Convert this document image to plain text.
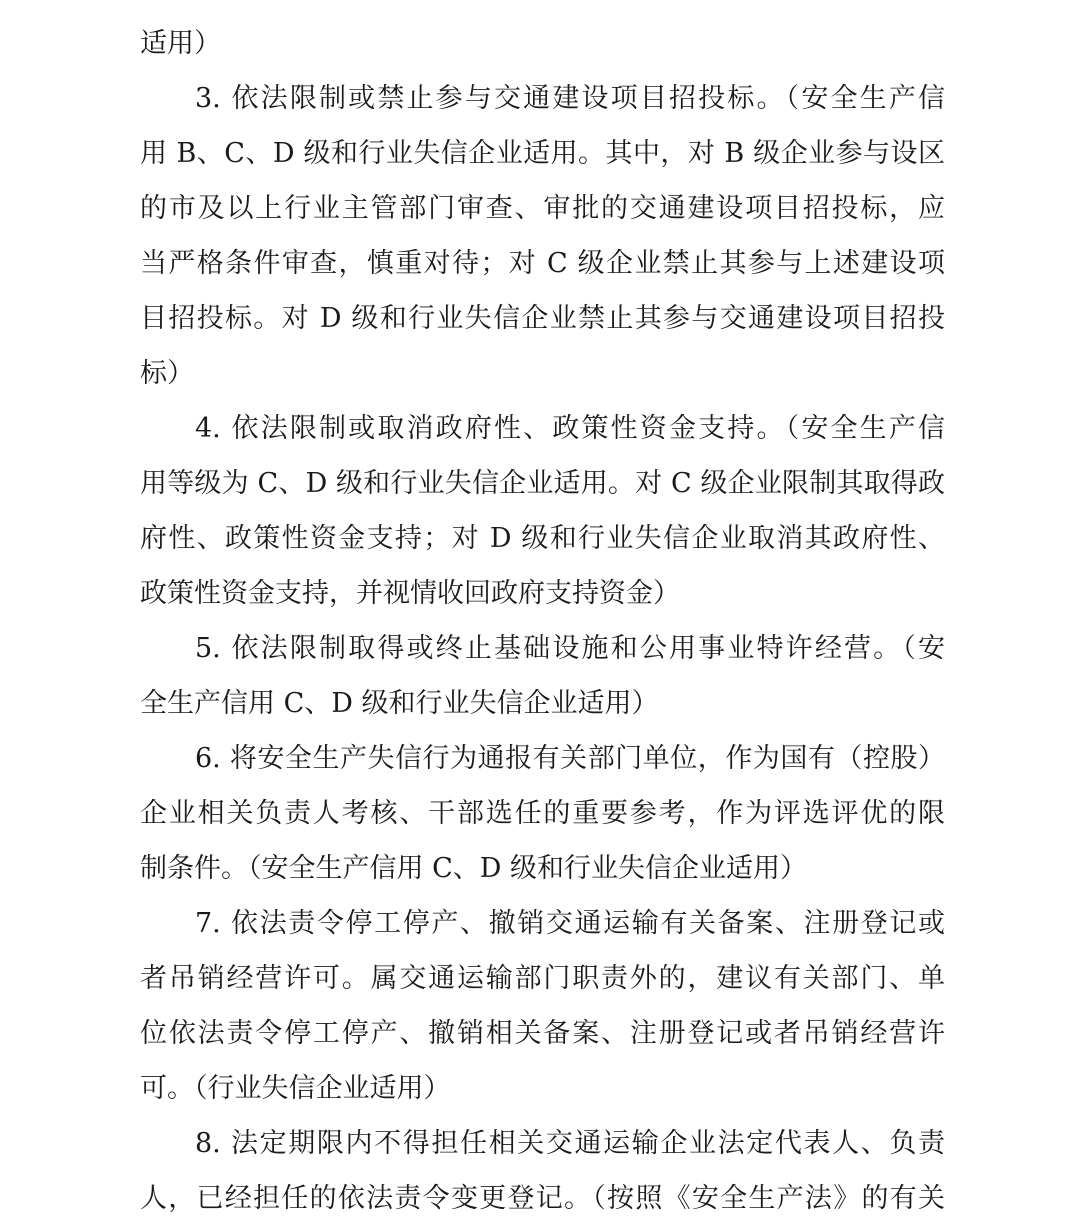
适用）
3. 依法限制或禁止参与交通建设项目招投标。（安全生产信
用 B、C、D 级和行业失信企业适用。其中，对 B 级企业参与设区
的市及以上行业主管部门审查、审批的交通建设项目招投标，应
当严格条件审查，慎重对待；对 C 级企业禁止其参与上述建设项
目招投标。对 D 级和行业失信企业禁止其参与交通建设项目招投
标）
4. 依法限制或取消政府性、政策性资金支持。（安全生产信
用等级为 C、D 级和行业失信企业适用。对 C 级企业限制其取得政
府性、政策性资金支持；对 D 级和行业失信企业取消其政府性、
政策性资金支持，并视情收回政府支持资金）
5. 依法限制取得或终止基础设施和公用事业特许经营。（安
全生产信用 C、D 级和行业失信企业适用）
6. 将安全生产失信行为通报有关部门单位，作为国有（控股）
企业相关负责人考核、干部选任的重要参考，作为评选评优的限
制条件。（安全生产信用 C、D 级和行业失信企业适用）
7. 依法责令停工停产、撤销交通运输有关备案、注册登记或
者吊销经营许可。属交通运输部门职责外的，建议有关部门、单
位依法责令停工停产、撤销相关备案、注册登记或者吊销经营许
可。（行业失信企业适用）
8. 法定期限内不得担任相关交通运输企业法定代表人、负责
人，已经担任的依法责令变更登记。（按照《安全生产法》的有关
